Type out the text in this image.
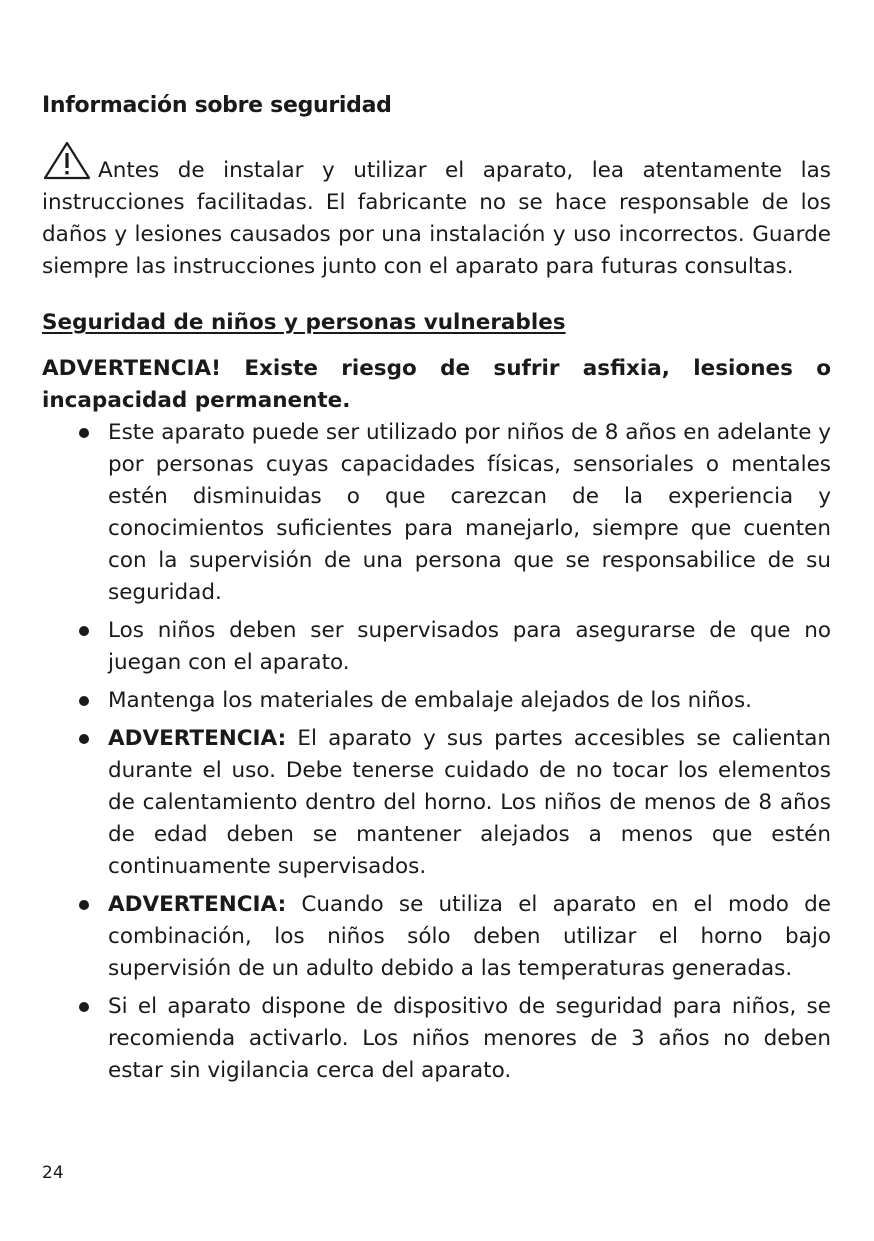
Información sobre seguridad
Antes de instalar y utilizar el aparato, lea atentamente las instrucciones facilitadas. El fabricante no se hace responsable de los daños y lesiones causados por una instalación y uso incorrectos. Guarde siempre las instrucciones junto con el aparato para futuras consultas.
Seguridad de niños y personas vulnerables
ADVERTENCIA! Existe riesgo de sufrir asfixia, lesiones o incapacidad permanente.
Este aparato puede ser utilizado por niños de 8 años en adelante y por personas cuyas capacidades físicas, sensoriales o mentales estén disminuidas o que carezcan de la experiencia y conocimientos suficientes para manejarlo, siempre que cuenten con la supervisión de una persona que se responsabilice de su seguridad.
Los niños deben ser supervisados para asegurarse de que no juegan con el aparato.
Mantenga los materiales de embalaje alejados de los niños.
ADVERTENCIA: El aparato y sus partes accesibles se calientan durante el uso. Debe tenerse cuidado de no tocar los elementos de calentamiento dentro del horno. Los niños de menos de 8 años de edad deben se mantener alejados a menos que estén continuamente supervisados.
ADVERTENCIA: Cuando se utiliza el aparato en el modo de combinación, los niños sólo deben utilizar el horno bajo supervisión de un adulto debido a las temperaturas generadas.
Si el aparato dispone de dispositivo de seguridad para niños, se recomienda activarlo. Los niños menores de 3 años no deben estar sin vigilancia cerca del aparato.
24
